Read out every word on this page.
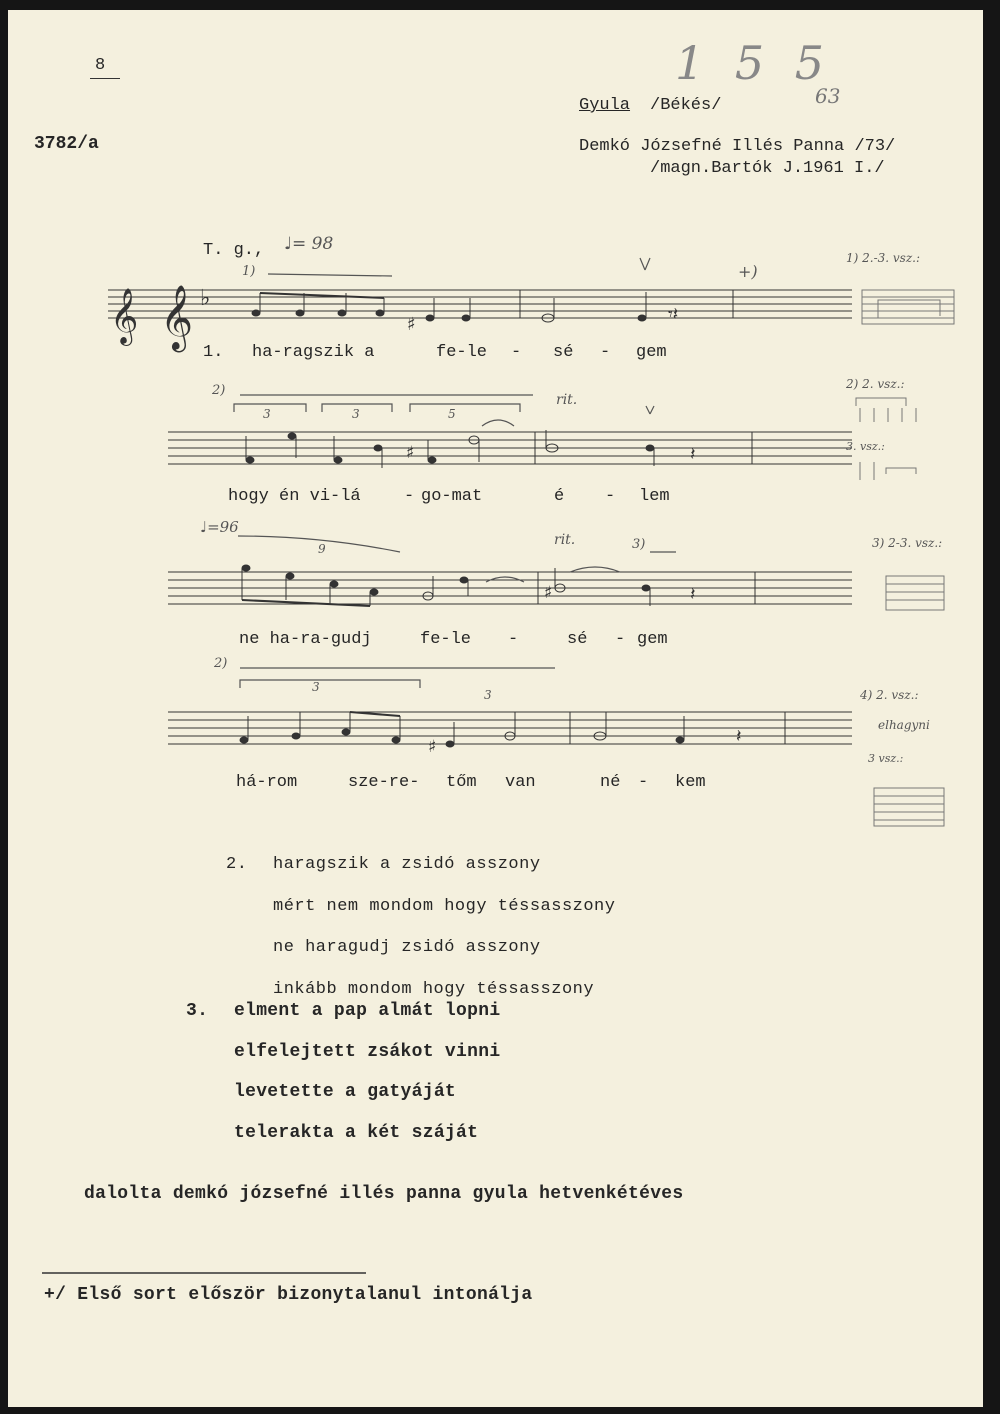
8
3782/a
Gyula /Békés/
Demkó Józsefné Illés Panna /73/
/magn.Bartók J.1961 I./
1 5 5
63
T. g., ♩= 98
♩=96
𝄞 𝄞 ♭
♯	𝄾𝄽
♯	𝄽
♯	𝄽
♯	𝄽
+)
1)
2)
3	3	5
rit.
9
rit.	3)
2)
3
3
1) 2.-3. vsz.:
2) 2. vsz.:
3. vsz.:
3) 2-3. vsz.:
4) 2. vsz.:
elhagyni
3 vsz.:
1. ha-ragszik a	fe-le - sé - gem
hogy én vi-lá	- go-mat	é - lem
ne ha-ra-gudj	fe-le -	sé - gem
há-rom	sze-re- tőm van	né - kem
2. haragszik a zsidó asszony
mért nem mondom hogy téssasszony
ne haragudj zsidó asszony
inkább mondom hogy téssasszony
3. elment a pap almát lopni
elfelejtett zsákot vinni
levetette a gatyáját
telerakta a két száját
dalolta demkó józsefné illés panna gyula hetvenkétéves
+/ Első sort először bizonytalanul intonálja
